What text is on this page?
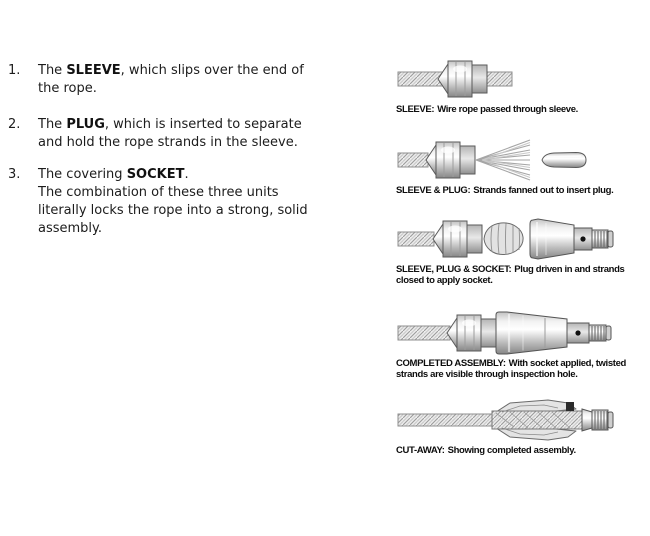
1.	The SLEEVE, which slips over the end of the rope.
2.	The PLUG, which is inserted to separate and hold the rope strands in the sleeve.
3.	The covering SOCKET.
The combination of these three units literally locks the rope into a strong, solid assembly.
SLEEVE: Wire rope passed through sleeve.
SLEEVE & PLUG: Strands fanned out to insert plug.
SLEEVE, PLUG & SOCKET: Plug driven in and strands closed to apply socket.
COMPLETED ASSEMBLY: With socket applied, twisted strands are visible through inspection hole.
CUT-AWAY: Showing completed assembly.
